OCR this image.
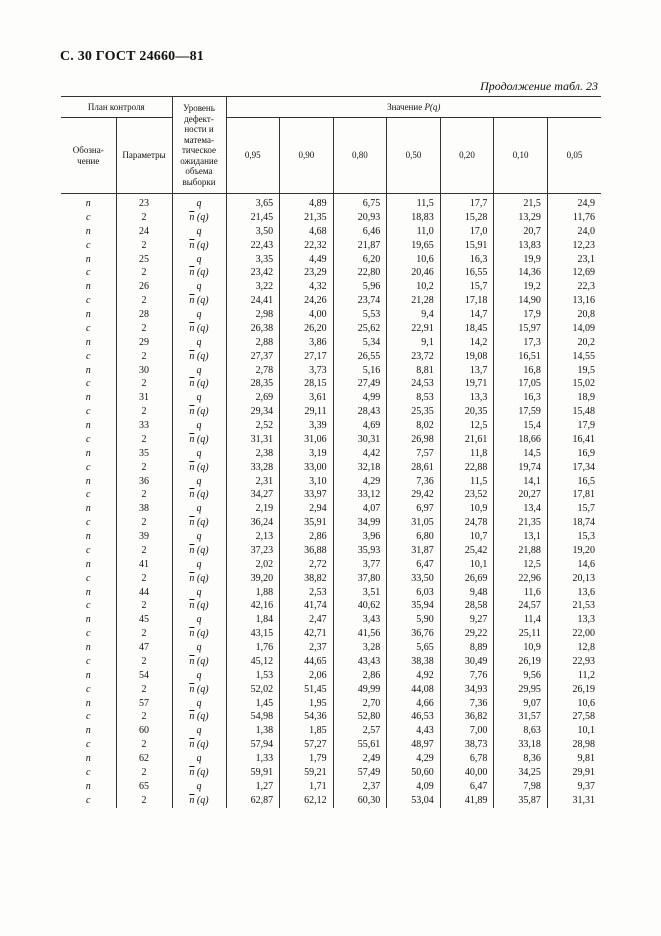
С. 30 ГОСТ 24660—81
Продолжение табл. 23
План контроля		Уровень дефект- ности и матема- тическое ожидание объема выборки	Значение P(q)						
Обозна- чение	Параметры		0,95	0,90	0,80	0,50	0,20	0,10	0,05
n	23	q	3,65	4,89	6,75	11,5	17,7	21,5	24,9
c	2	$\overline{n}$ (q)	21,45	21,35	20,93	18,83	15,28	13,29	11,76
n	24	q	3,50	4,68	6,46	11,0	17,0	20,7	24,0
c	2	$\overline{n}$ (q)	22,43	22,32	21,87	19,65	15,91	13,83	12,23
n	25	q	3,35	4,49	6,20	10,6	16,3	19,9	23,1
c	2	$\overline{n}$ (q)	23,42	23,29	22,80	20,46	16,55	14,36	12,69
n	26	q	3,22	4,32	5,96	10,2	15,7	19,2	22,3
c	2	$\overline{n}$ (q)	24,41	24,26	23,74	21,28	17,18	14,90	13,16
n	28	q	2,98	4,00	5,53	9,4	14,7	17,9	20,8
c	2	$\overline{n}$ (q)	26,38	26,20	25,62	22,91	18,45	15,97	14,09
n	29	q	2,88	3,86	5,34	9,1	14,2	17,3	20,2
c	2	$\overline{n}$ (q)	27,37	27,17	26,55	23,72	19,08	16,51	14,55
n	30	q	2,78	3,73	5,16	8,81	13,7	16,8	19,5
c	2	$\overline{n}$ (q)	28,35	28,15	27,49	24,53	19,71	17,05	15,02
n	31	q	2,69	3,61	4,99	8,53	13,3	16,3	18,9
c	2	$\overline{n}$ (q)	29,34	29,11	28,43	25,35	20,35	17,59	15,48
n	33	q	2,52	3,39	4,69	8,02	12,5	15,4	17,9
c	2	$\overline{n}$ (q)	31,31	31,06	30,31	26,98	21,61	18,66	16,41
n	35	q	2,38	3,19	4,42	7,57	11,8	14,5	16,9
c	2	$\overline{n}$ (q)	33,28	33,00	32,18	28,61	22,88	19,74	17,34
n	36	q	2,31	3,10	4,29	7,36	11,5	14,1	16,5
c	2	$\overline{n}$ (q)	34,27	33,97	33,12	29,42	23,52	20,27	17,81
n	38	q	2,19	2,94	4,07	6,97	10,9	13,4	15,7
c	2	$\overline{n}$ (q)	36,24	35,91	34,99	31,05	24,78	21,35	18,74
n	39	q	2,13	2,86	3,96	6,80	10,7	13,1	15,3
c	2	$\overline{n}$ (q)	37,23	36,88	35,93	31,87	25,42	21,88	19,20
n	41	q	2,02	2,72	3,77	6,47	10,1	12,5	14,6
c	2	$\overline{n}$ (q)	39,20	38,82	37,80	33,50	26,69	22,96	20,13
n	44	q	1,88	2,53	3,51	6,03	9,48	11,6	13,6
c	2	$\overline{n}$ (q)	42,16	41,74	40,62	35,94	28,58	24,57	21,53
n	45	q	1,84	2,47	3,43	5,90	9,27	11,4	13,3
c	2	$\overline{n}$ (q)	43,15	42,71	41,56	36,76	29,22	25,11	22,00
n	47	q	1,76	2,37	3,28	5,65	8,89	10,9	12,8
c	2	$\overline{n}$ (q)	45,12	44,65	43,43	38,38	30,49	26,19	22,93
n	54	q	1,53	2,06	2,86	4,92	7,76	9,56	11,2
c	2	$\overline{n}$ (q)	52,02	51,45	49,99	44,08	34,93	29,95	26,19
n	57	q	1,45	1,95	2,70	4,66	7,36	9,07	10,6
c	2	$\overline{n}$ (q)	54,98	54,36	52,80	46,53	36,82	31,57	27,58
n	60	q	1,38	1,85	2,57	4,43	7,00	8,63	10,1
c	2	$\overline{n}$ (q)	57,94	57,27	55,61	48,97	38,73	33,18	28,98
n	62	q	1,33	1,79	2,49	4,29	6,78	8,36	9,81
c	2	$\overline{n}$ (q)	59,91	59,21	57,49	50,60	40,00	34,25	29,91
n	65	q	1,27	1,71	2,37	4,09	6,47	7,98	9,37
c	2	$\overline{n}$ (q)	62,87	62,12	60,30	53,04	41,89	35,87	31,31
